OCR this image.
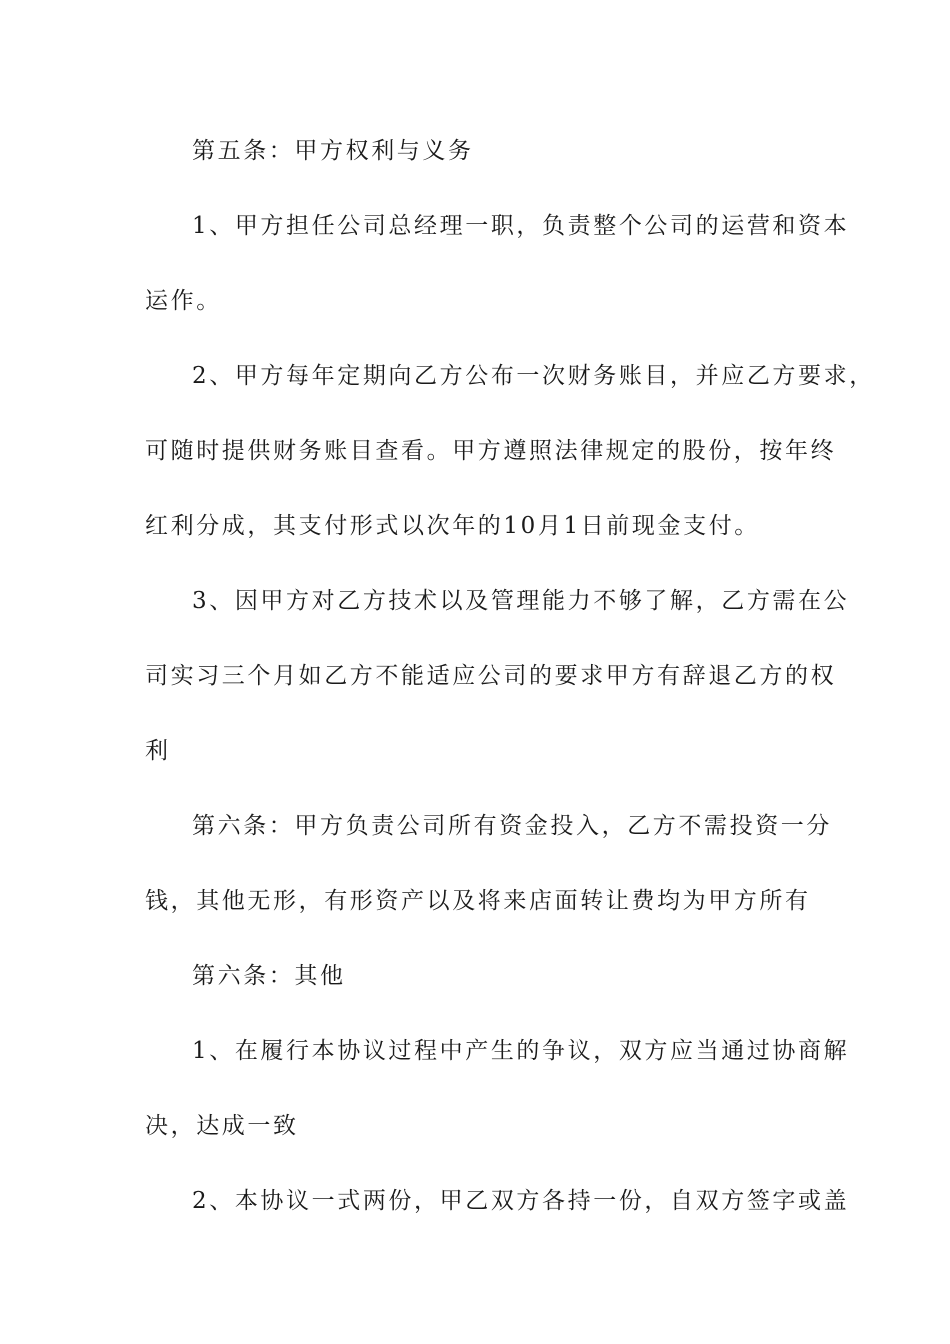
第五条：甲方权利与义务
1、甲方担任公司总经理一职，负责整个公司的运营和资本
运作。
2、甲方每年定期向乙方公布一次财务账目，并应乙方要求，
可随时提供财务账目查看。甲方遵照法律规定的股份，按年终
红利分成，其支付形式以次年的10月1日前现金支付。
3、因甲方对乙方技术以及管理能力不够了解，乙方需在公
司实习三个月如乙方不能适应公司的要求甲方有辞退乙方的权
利
第六条：甲方负责公司所有资金投入，乙方不需投资一分
钱，其他无形，有形资产以及将来店面转让费均为甲方所有
第六条：其他
1、在履行本协议过程中产生的争议，双方应当通过协商解
决，达成一致
2、本协议一式两份，甲乙双方各持一份，自双方签字或盖
